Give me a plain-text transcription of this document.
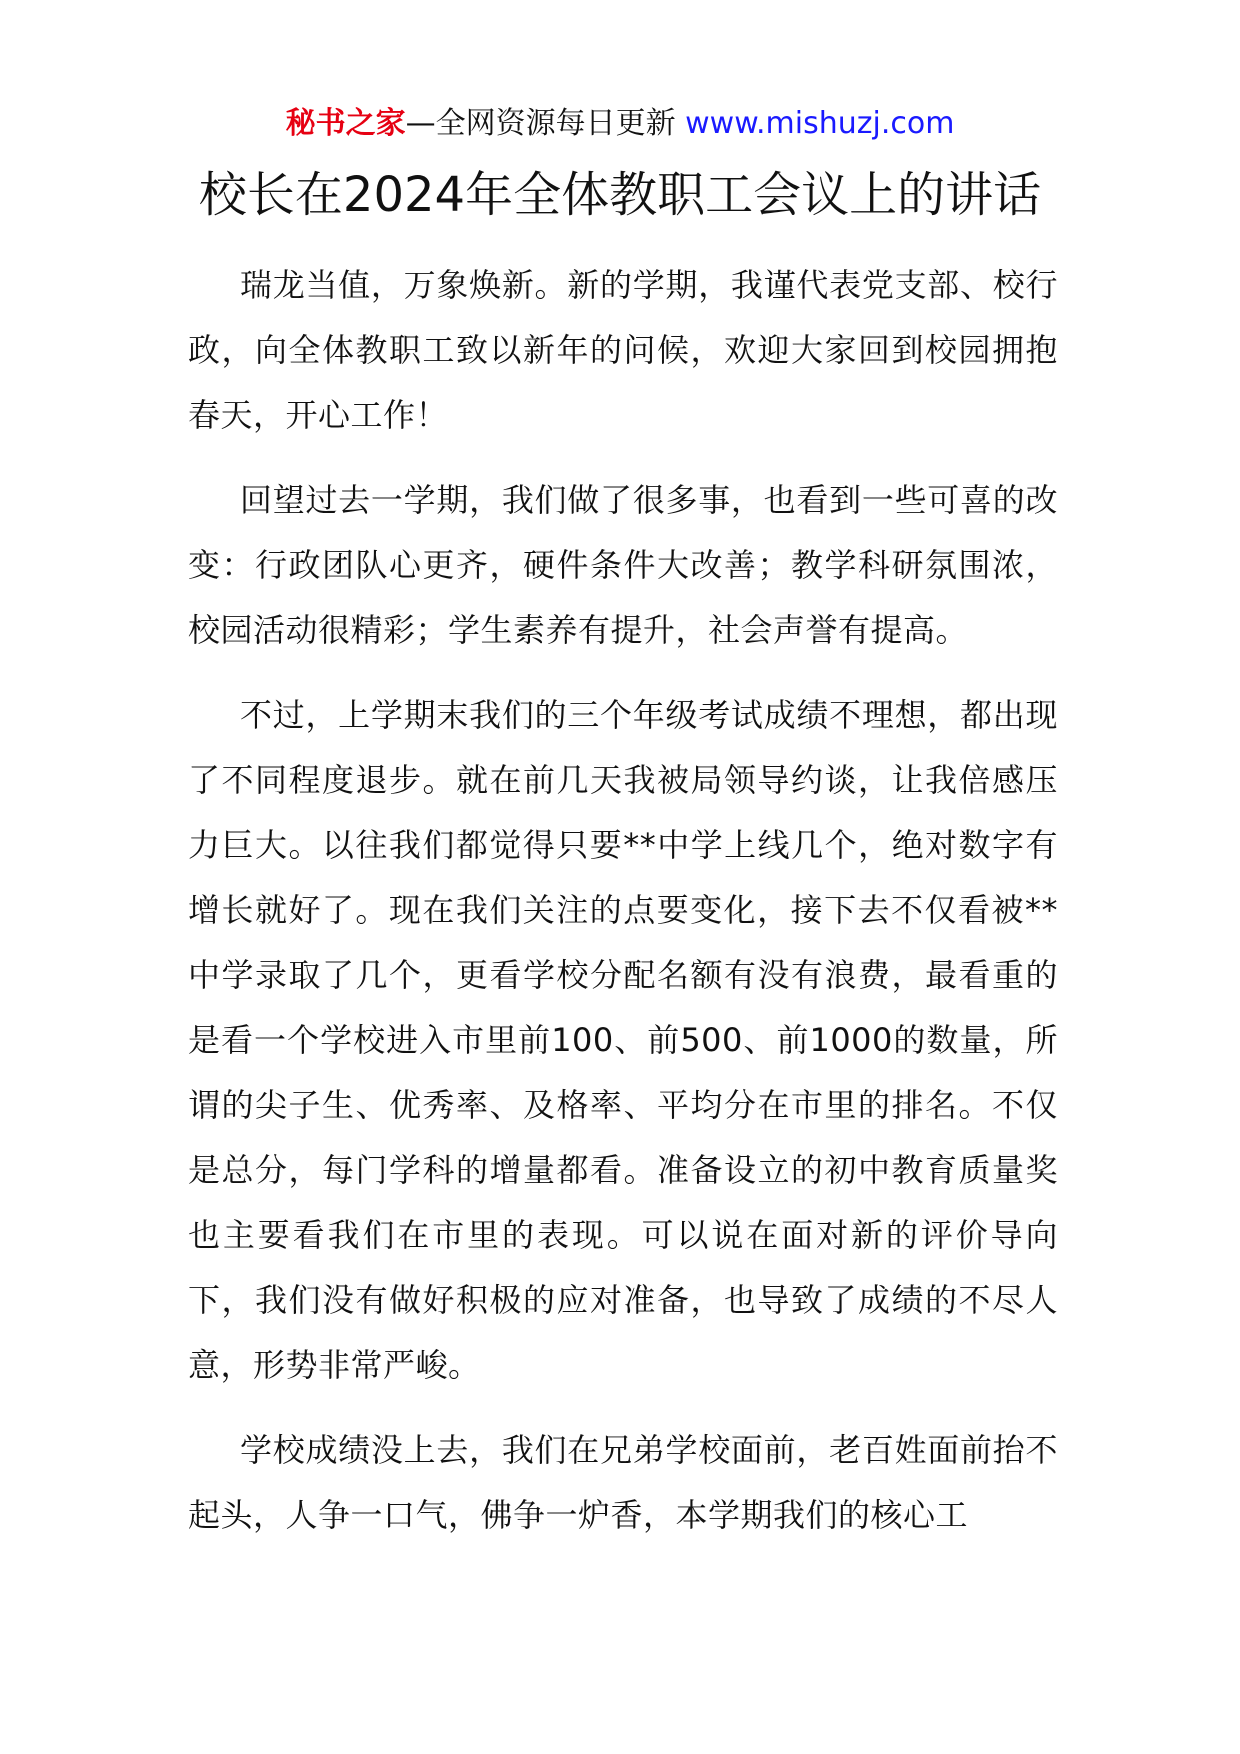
秘书之家—全网资源每日更新 www.mishuzj.com
校长在2024年全体教职工会议上的讲话

瑞龙当值，万象焕新。新的学期，我谨代表党支部、校行政，向全体教职工致以新年的问候，欢迎大家回到校园拥抱春天，开心工作！

回望过去一学期，我们做了很多事，也看到一些可喜的改变：行政团队心更齐，硬件条件大改善；教学科研氛围浓，校园活动很精彩；学生素养有提升，社会声誉有提高。

不过，上学期末我们的三个年级考试成绩不理想，都出现了不同程度退步。就在前几天我被局领导约谈，让我倍感压力巨大。以往我们都觉得只要**中学上线几个，绝对数字有增长就好了。现在我们关注的点要变化，接下去不仅看被**中学录取了几个，更看学校分配名额有没有浪费，最看重的是看一个学校进入市里前100、前500、前1000的数量，所谓的尖子生、优秀率、及格率、平均分在市里的排名。不仅是总分，每门学科的增量都看。准备设立的初中教育质量奖也主要看我们在市里的表现。可以说在面对新的评价导向下，我们没有做好积极的应对准备，也导致了成绩的不尽人意，形势非常严峻。

学校成绩没上去，我们在兄弟学校面前，老百姓面前抬不起头，人争一口气，佛争一炉香，本学期我们的核心工
